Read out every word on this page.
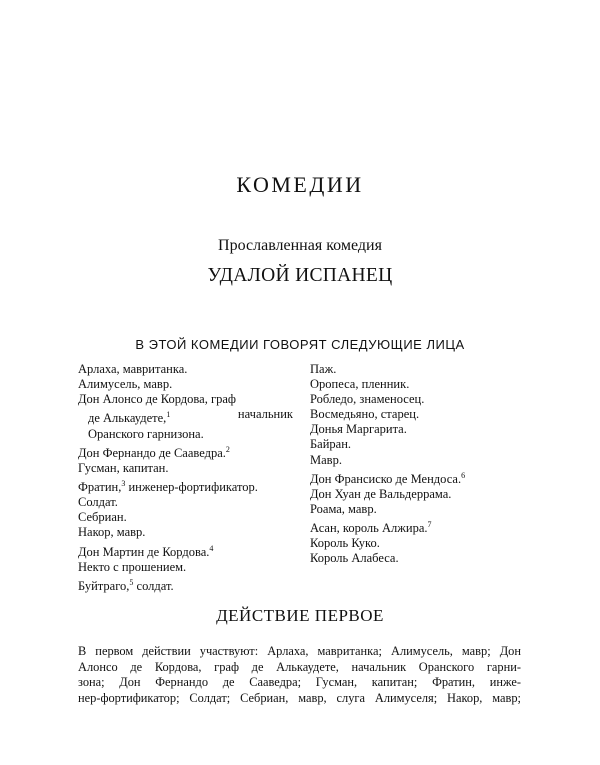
КОМЕДИИ
Прославленная комедия
УДАЛОЙ ИСПАНЕЦ
В ЭТОЙ КОМЕДИИ ГОВОРЯТ СЛЕДУЮЩИЕ ЛИЦА
Арлаха, мавританка.
Алимусель, мавр.
Дон Алонсо де Кордова, граф
де Алькаудете,$^1$	начальник
Оранского гарнизона.
Дон Фернандо де Сааведра.$^2$
Гусман, капитан.
Фратин,$^3$ инженер-фортификатор.
Солдат.
Себриан.
Накор, мавр.
Дон Мартин де Кордова.$^4$
Некто с прошением.
Буйтраго,$^5$ солдат.
Паж.
Оропеса, пленник.
Робледо, знаменосец.
Восмедьяно, старец.
Донья Маргарита.
Байран.
Мавр.
Дон Франсиско де Мендоса.$^6$
Дон Хуан де Вальдеррама.
Роама, мавр.
Асан, король Алжира.$^7$
Король Куко.
Король Алабеса.
ДЕЙСТВИЕ ПЕРВОЕ
В первом действии участвуют: Арлаха, мавританка; Алимусель, мавр; Дон
Алонсо де Кордова, граф де Алькаудете, начальник Оранского гарни-
зона; Дон Фернандо де Сааведра; Гусман, капитан; Фратин, инже-
нер-фортификатор; Солдат; Себриан, мавр, слуга Алимуселя; Накор, мавр;
